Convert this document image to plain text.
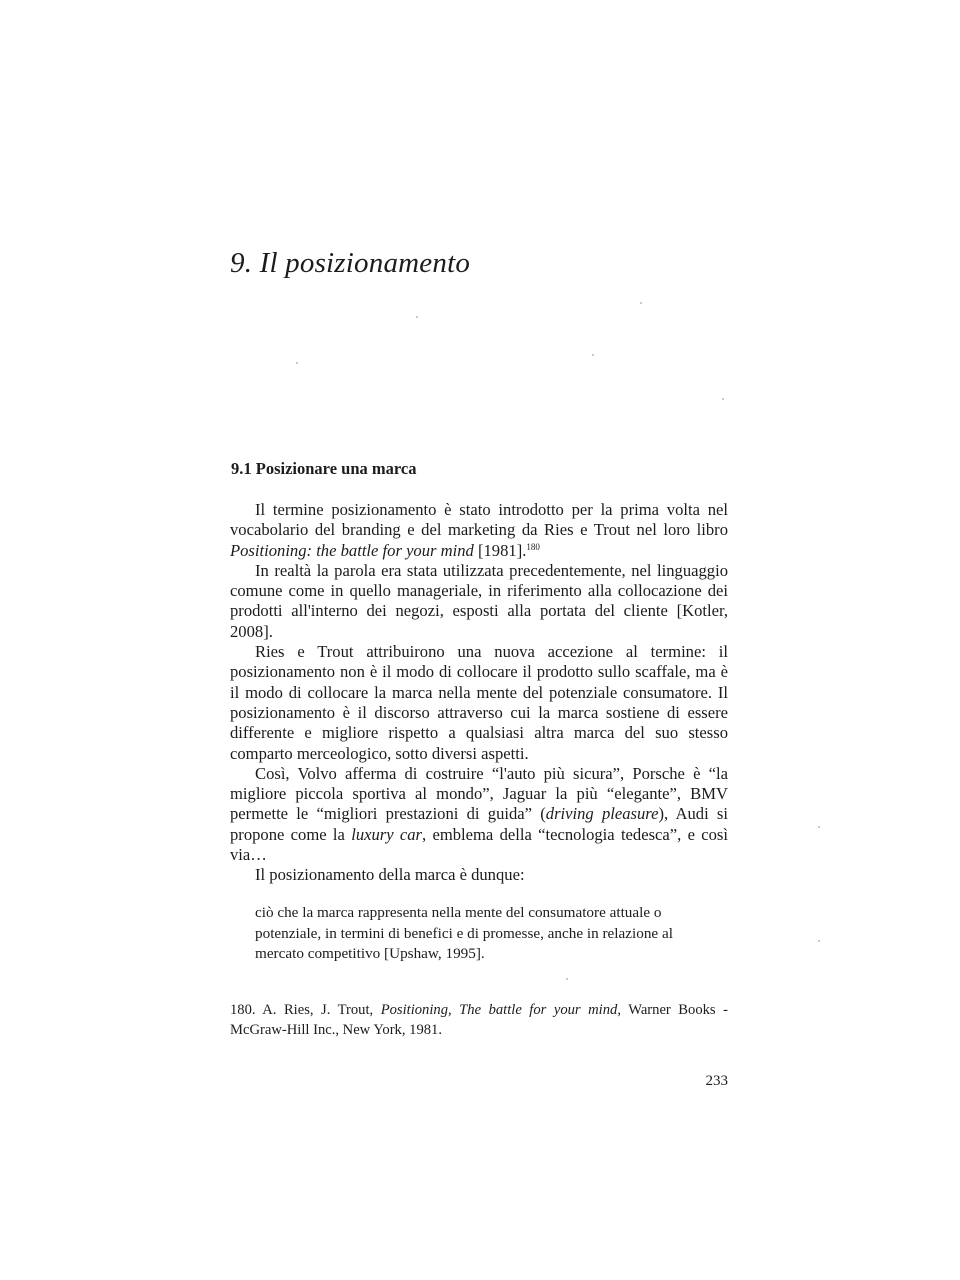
9. Il posizionamento
9.1 Posizionare una marca

Il termine posizionamento è stato introdotto per la prima volta nel vocabolario del branding e del marketing da Ries e Trout nel loro libro Positioning: the battle for your mind [1981].$^{180}$

In realtà la parola era stata utilizzata precedentemente, nel linguaggio comune come in quello manageriale, in riferimento alla collocazione dei prodotti all'interno dei negozi, esposti alla portata del cliente [Kotler, 2008].

Ries e Trout attribuirono una nuova accezione al termine: il posizionamento non è il modo di collocare il prodotto sullo scaffale, ma è il modo di collocare la marca nella mente del potenziale consumatore. Il posizionamento è il discorso attraverso cui la marca sostiene di essere differente e migliore rispetto a qualsiasi altra marca del suo stesso comparto merceologico, sotto diversi aspetti.

Così, Volvo afferma di costruire “l'auto più sicura”, Porsche è “la migliore piccola sportiva al mondo”, Jaguar la più “elegante”, BMV permette le “migliori prestazioni di guida” (driving pleasure), Audi si propone come la luxury car, emblema della “tecnologia tedesca”, e così via…

Il posizionamento della marca è dunque:

ciò che la marca rappresenta nella mente del consumatore attuale o potenziale, in termini di benefici e di promesse, anche in relazione al mercato competitivo [Upshaw, 1995].

180. A. Ries, J. Trout, Positioning, The battle for your mind, Warner Books - McGraw-Hill Inc., New York, 1981.

233
